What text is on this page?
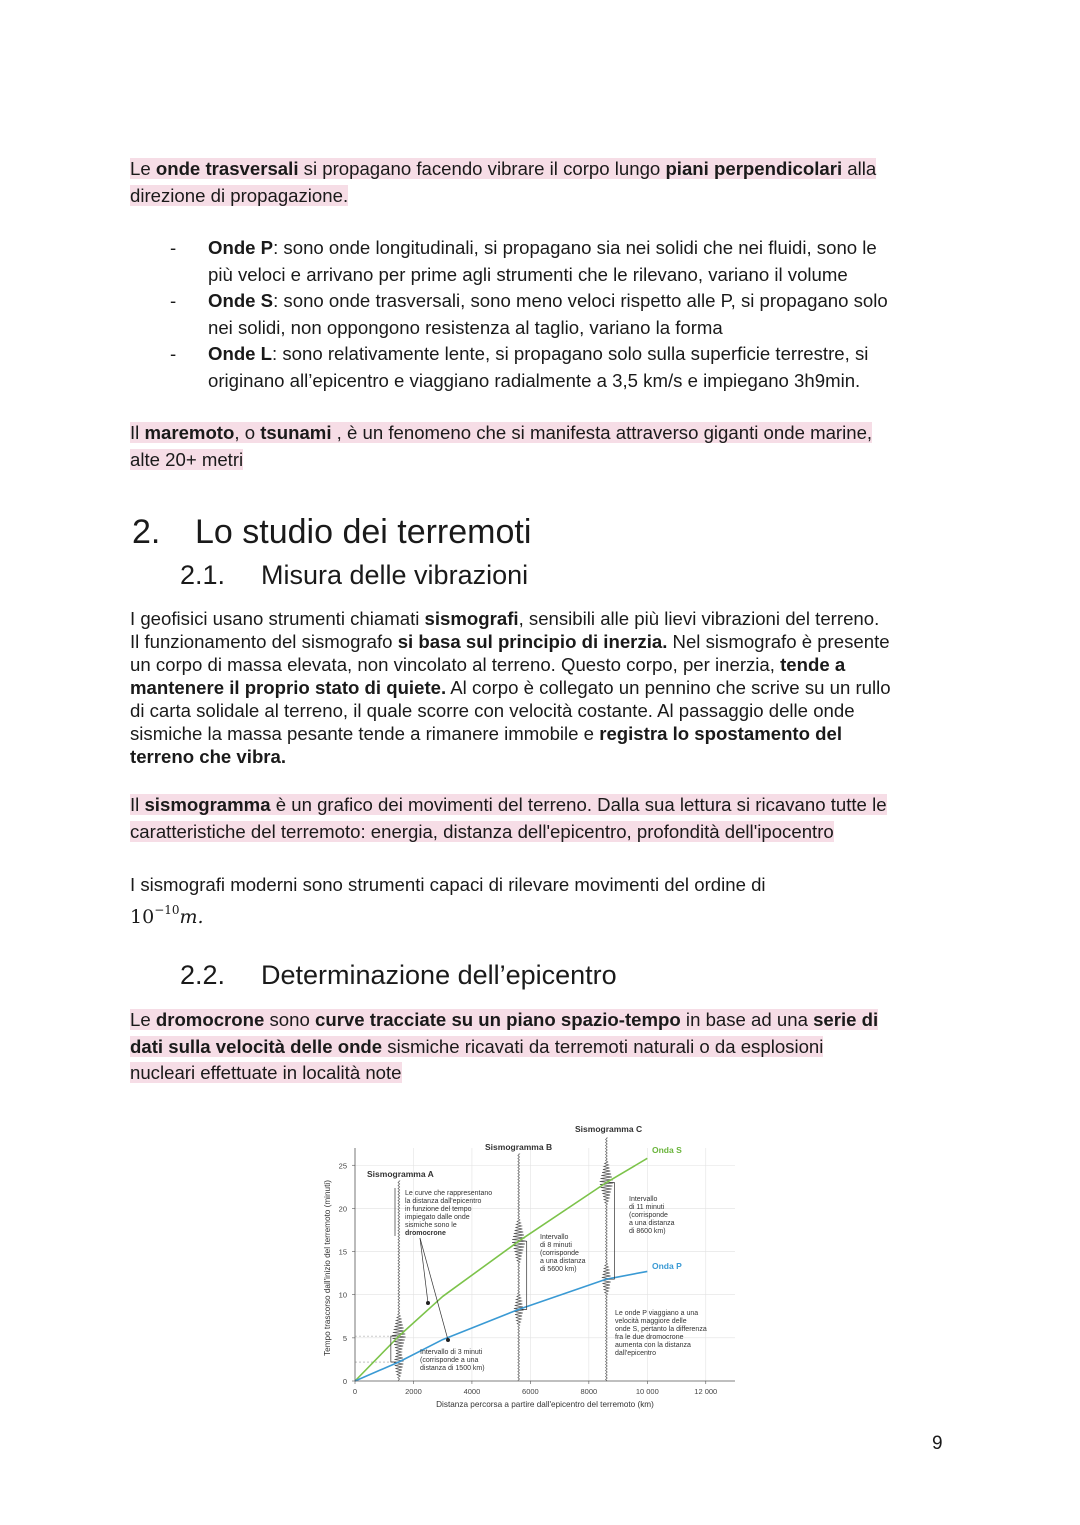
Le onde trasversali si propagano facendo vibrare il corpo lungo piani perpendicolari alla
direzione di propagazione.
- Onde P: sono onde longitudinali, si propagano sia nei solidi che nei fluidi, sono le
più veloci e arrivano per prime agli strumenti che le rilevano, variano il volume
- Onde S: sono onde trasversali, sono meno veloci rispetto alle P, si propagano solo
nei solidi, non oppongono resistenza al taglio, variano la forma
- Onde L: sono relativamente lente, si propagano solo sulla superficie terrestre, si
originano all’epicentro e viaggiano radialmente a 3,5 km/s e impiegano 3h9min.
Il maremoto, o tsunami , è un fenomeno che si manifesta attraverso giganti onde marine,
alte 20+ metri
2. Lo studio dei terremoti
2.1. Misura delle vibrazioni
I geofisici usano strumenti chiamati sismografi, sensibili alle più lievi vibrazioni del terreno.
Il funzionamento del sismografo si basa sul principio di inerzia. Nel sismografo è presente
un corpo di massa elevata, non vincolato al terreno. Questo corpo, per inerzia, tende a
mantenere il proprio stato di quiete. Al corpo è collegato un pennino che scrive su un rullo
di carta solidale al terreno, il quale scorre con velocità costante. Al passaggio delle onde
sismiche la massa pesante tende a rimanere immobile e registra lo spostamento del
terreno che vibra.
Il sismogramma è un grafico dei movimenti del terreno. Dalla sua lettura si ricavano tutte le
caratteristiche del terremoto: energia, distanza dell'epicentro, profondità dell'ipocentro
I sismografi moderni sono strumenti capaci di rilevare movimenti del ordine di
$10^{-10}m$.
2.2. Determinazione dell’epicentro
Le dromocrone sono curve tracciate su un piano spazio-tempo in base ad una serie di
dati sulla velocità delle onde sismiche ricavati da terremoti naturali o da esplosioni
nucleari effettuate in località note
0
5
10
15
20
25
0	2000	4000	6000	8000	10 000	12 000
Tempo trascorso dall'inizio del terremoto (minuti)
Distanza percorsa a partire dall'epicentro del terremoto (km)
Onda S
Onda P
Sismogramma A
Sismogramma B
Sismogramma C
Le curve che rappresentano
la distanza dall'epicentro
in funzione del tempo
impiegato dalle onde
sismiche sono le
dromocrone
Intervallo di 3 minuti
(corrisponde a una
distanza di 1500 km)
Intervallo
di 8 minuti
(corrisponde
a una distanza
di 5600 km)
Intervallo
di 11 minuti
(corrisponde
a una distanza
di 8600 km)
Le onde P viaggiano a una
velocità maggiore delle
onde S, pertanto la differenza
fra le due dromocrone
aumenta con la distanza
dall'epicentro
9
